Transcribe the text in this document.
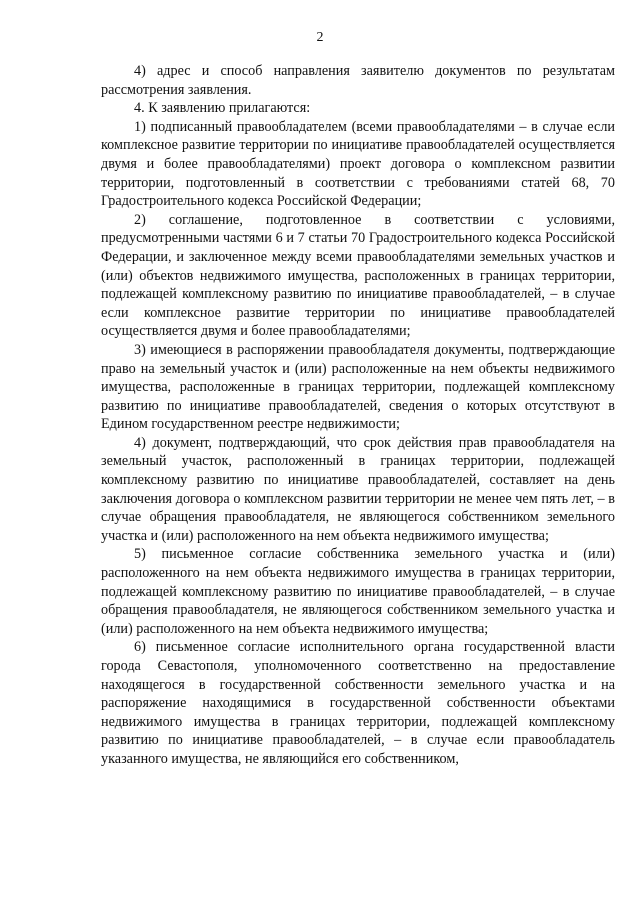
2

4) адрес и способ направления заявителю документов по результатам рассмотрения заявления.

4. К заявлению прилагаются:

1) подписанный правообладателем (всеми правообладателями – в случае если комплексное развитие территории по инициативе правообладателей осуществляется двумя и более правообладателями) проект договора о комплексном развитии территории, подготовленный в соответствии с требованиями статей 68, 70 Градостроительного кодекса Российской Федерации;

2) соглашение, подготовленное в соответствии с условиями, предусмотренными частями 6 и 7 статьи 70 Градостроительного кодекса Российской Федерации, и заключенное между всеми правообладателями земельных участков и (или) объектов недвижимого имущества, расположенных в границах территории, подлежащей комплексному развитию по инициативе правообладателей, – в случае если комплексное развитие территории по инициативе правообладателей осуществляется двумя и более правообладателями;

3) имеющиеся в распоряжении правообладателя документы, подтверждающие право на земельный участок и (или) расположенные на нем объекты недвижимого имущества, расположенные в границах территории, подлежащей комплексному развитию по инициативе правообладателей, сведения о которых отсутствуют в Едином государственном реестре недвижимости;

4) документ, подтверждающий, что срок действия прав правообладателя на земельный участок, расположенный в границах территории, подлежащей комплексному развитию по инициативе правообладателей, составляет на день заключения договора о комплексном развитии территории не менее чем пять лет, – в случае обращения правообладателя, не являющегося собственником земельного участка и (или) расположенного на нем объекта недвижимого имущества;

5) письменное согласие собственника земельного участка и (или) расположенного на нем объекта недвижимого имущества в границах территории, подлежащей комплексному развитию по инициативе правообладателей, – в случае обращения правообладателя, не являющегося собственником земельного участка и (или) расположенного на нем объекта недвижимого имущества;

6) письменное согласие исполнительного органа государственной власти города Севастополя, уполномоченного соответственно на предоставление находящегося в государственной собственности земельного участка и на распоряжение находящимися в государственной собственности объектами недвижимого имущества в границах территории, подлежащей комплексному развитию по инициативе правообладателей, – в случае если правообладатель указанного имущества, не являющийся его собственником,
